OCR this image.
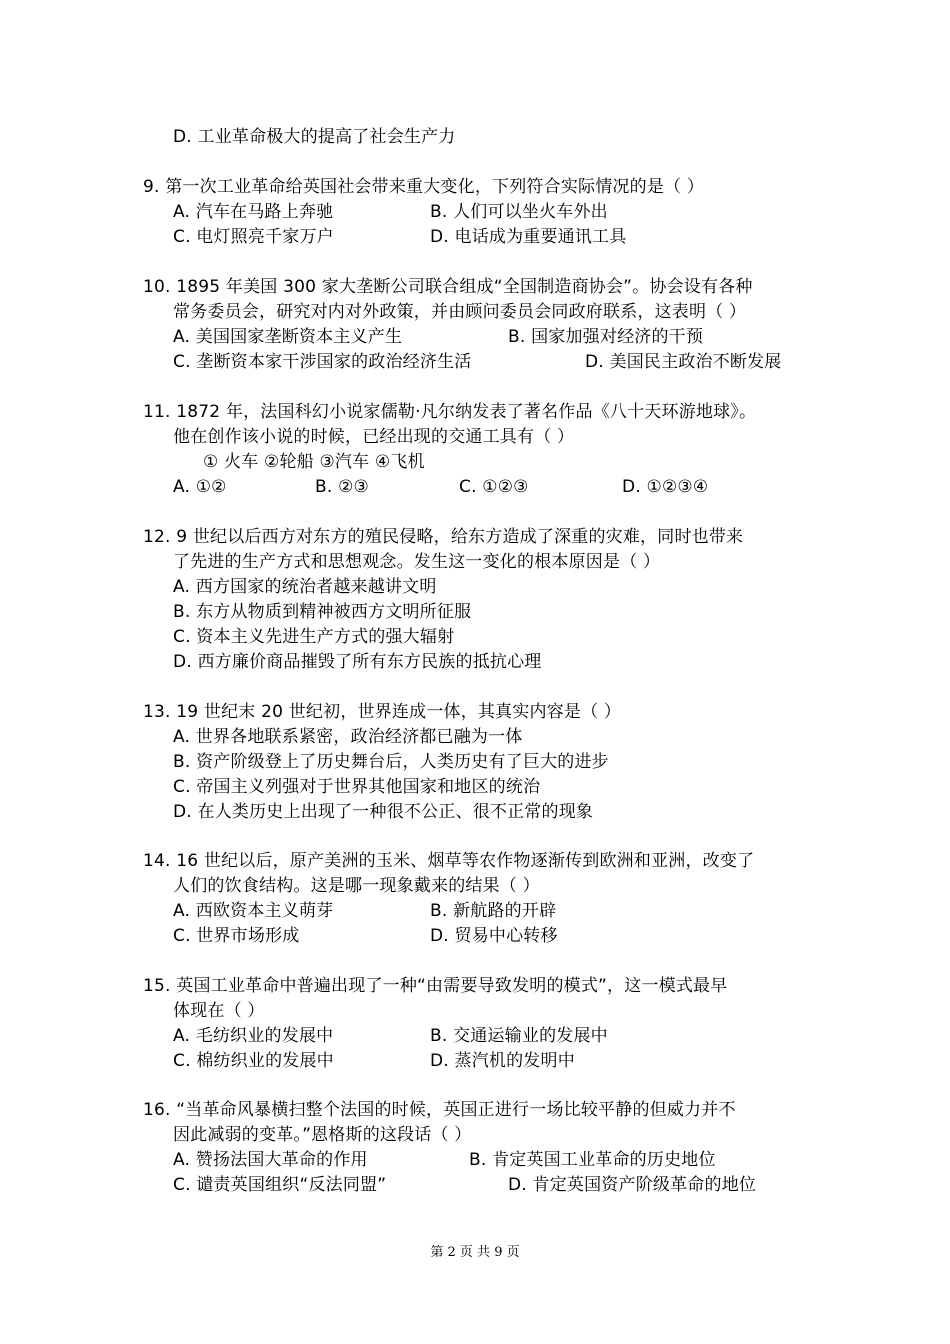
D. 工业革命极大的提高了社会生产力
9. 第一次工业革命给英国社会带来重大变化，下列符合实际情况的是（ ）
A. 汽车在马路上奔驰	B. 人们可以坐火车外出
C. 电灯照亮千家万户	D. 电话成为重要通讯工具
10. 1895 年美国 300 家大垄断公司联合组成“全国制造商协会”。协会设有各种
常务委员会，研究对内对外政策，并由顾问委员会同政府联系，这表明（ ）
A. 美国国家垄断资本主义产生	B. 国家加强对经济的干预
C. 垄断资本家干涉国家的政治经济生活	D. 美国民主政治不断发展
11. 1872 年，法国科幻小说家儒勒·凡尔纳发表了著名作品《八十天环游地球》。
他在创作该小说的时候，已经出现的交通工具有（ ）
① 火车 ②轮船 ③汽车 ④飞机
A. ①②	B. ②③	C. ①②③	D. ①②③④
12. 9 世纪以后西方对东方的殖民侵略，给东方造成了深重的灾难，同时也带来
了先进的生产方式和思想观念。发生这一变化的根本原因是（ ）
A. 西方国家的统治者越来越讲文明
B. 东方从物质到精神被西方文明所征服
C. 资本主义先进生产方式的强大辐射
D. 西方廉价商品摧毁了所有东方民族的抵抗心理
13. 19 世纪末 20 世纪初，世界连成一体，其真实内容是（ ）
A. 世界各地联系紧密，政治经济都已融为一体
B. 资产阶级登上了历史舞台后，人类历史有了巨大的进步
C. 帝国主义列强对于世界其他国家和地区的统治
D. 在人类历史上出现了一种很不公正、很不正常的现象
14. 16 世纪以后，原产美洲的玉米、烟草等农作物逐渐传到欧洲和亚洲，改变了
人们的饮食结构。这是哪一现象戴来的结果（ ）
A. 西欧资本主义萌芽	B. 新航路的开辟
C. 世界市场形成	D. 贸易中心转移
15. 英国工业革命中普遍出现了一种“由需要导致发明的模式”，这一模式最早
体现在（ ）
A. 毛纺织业的发展中	B. 交通运输业的发展中
C. 棉纺织业的发展中	D. 蒸汽机的发明中
16. “当革命风暴横扫整个法国的时候，英国正进行一场比较平静的但威力并不
因此减弱的变革。”恩格斯的这段话（ ）
A. 赞扬法国大革命的作用	B. 肯定英国工业革命的历史地位
C. 谴责英国组织“反法同盟”	D. 肯定英国资产阶级革命的地位
第 2 页 共 9 页
